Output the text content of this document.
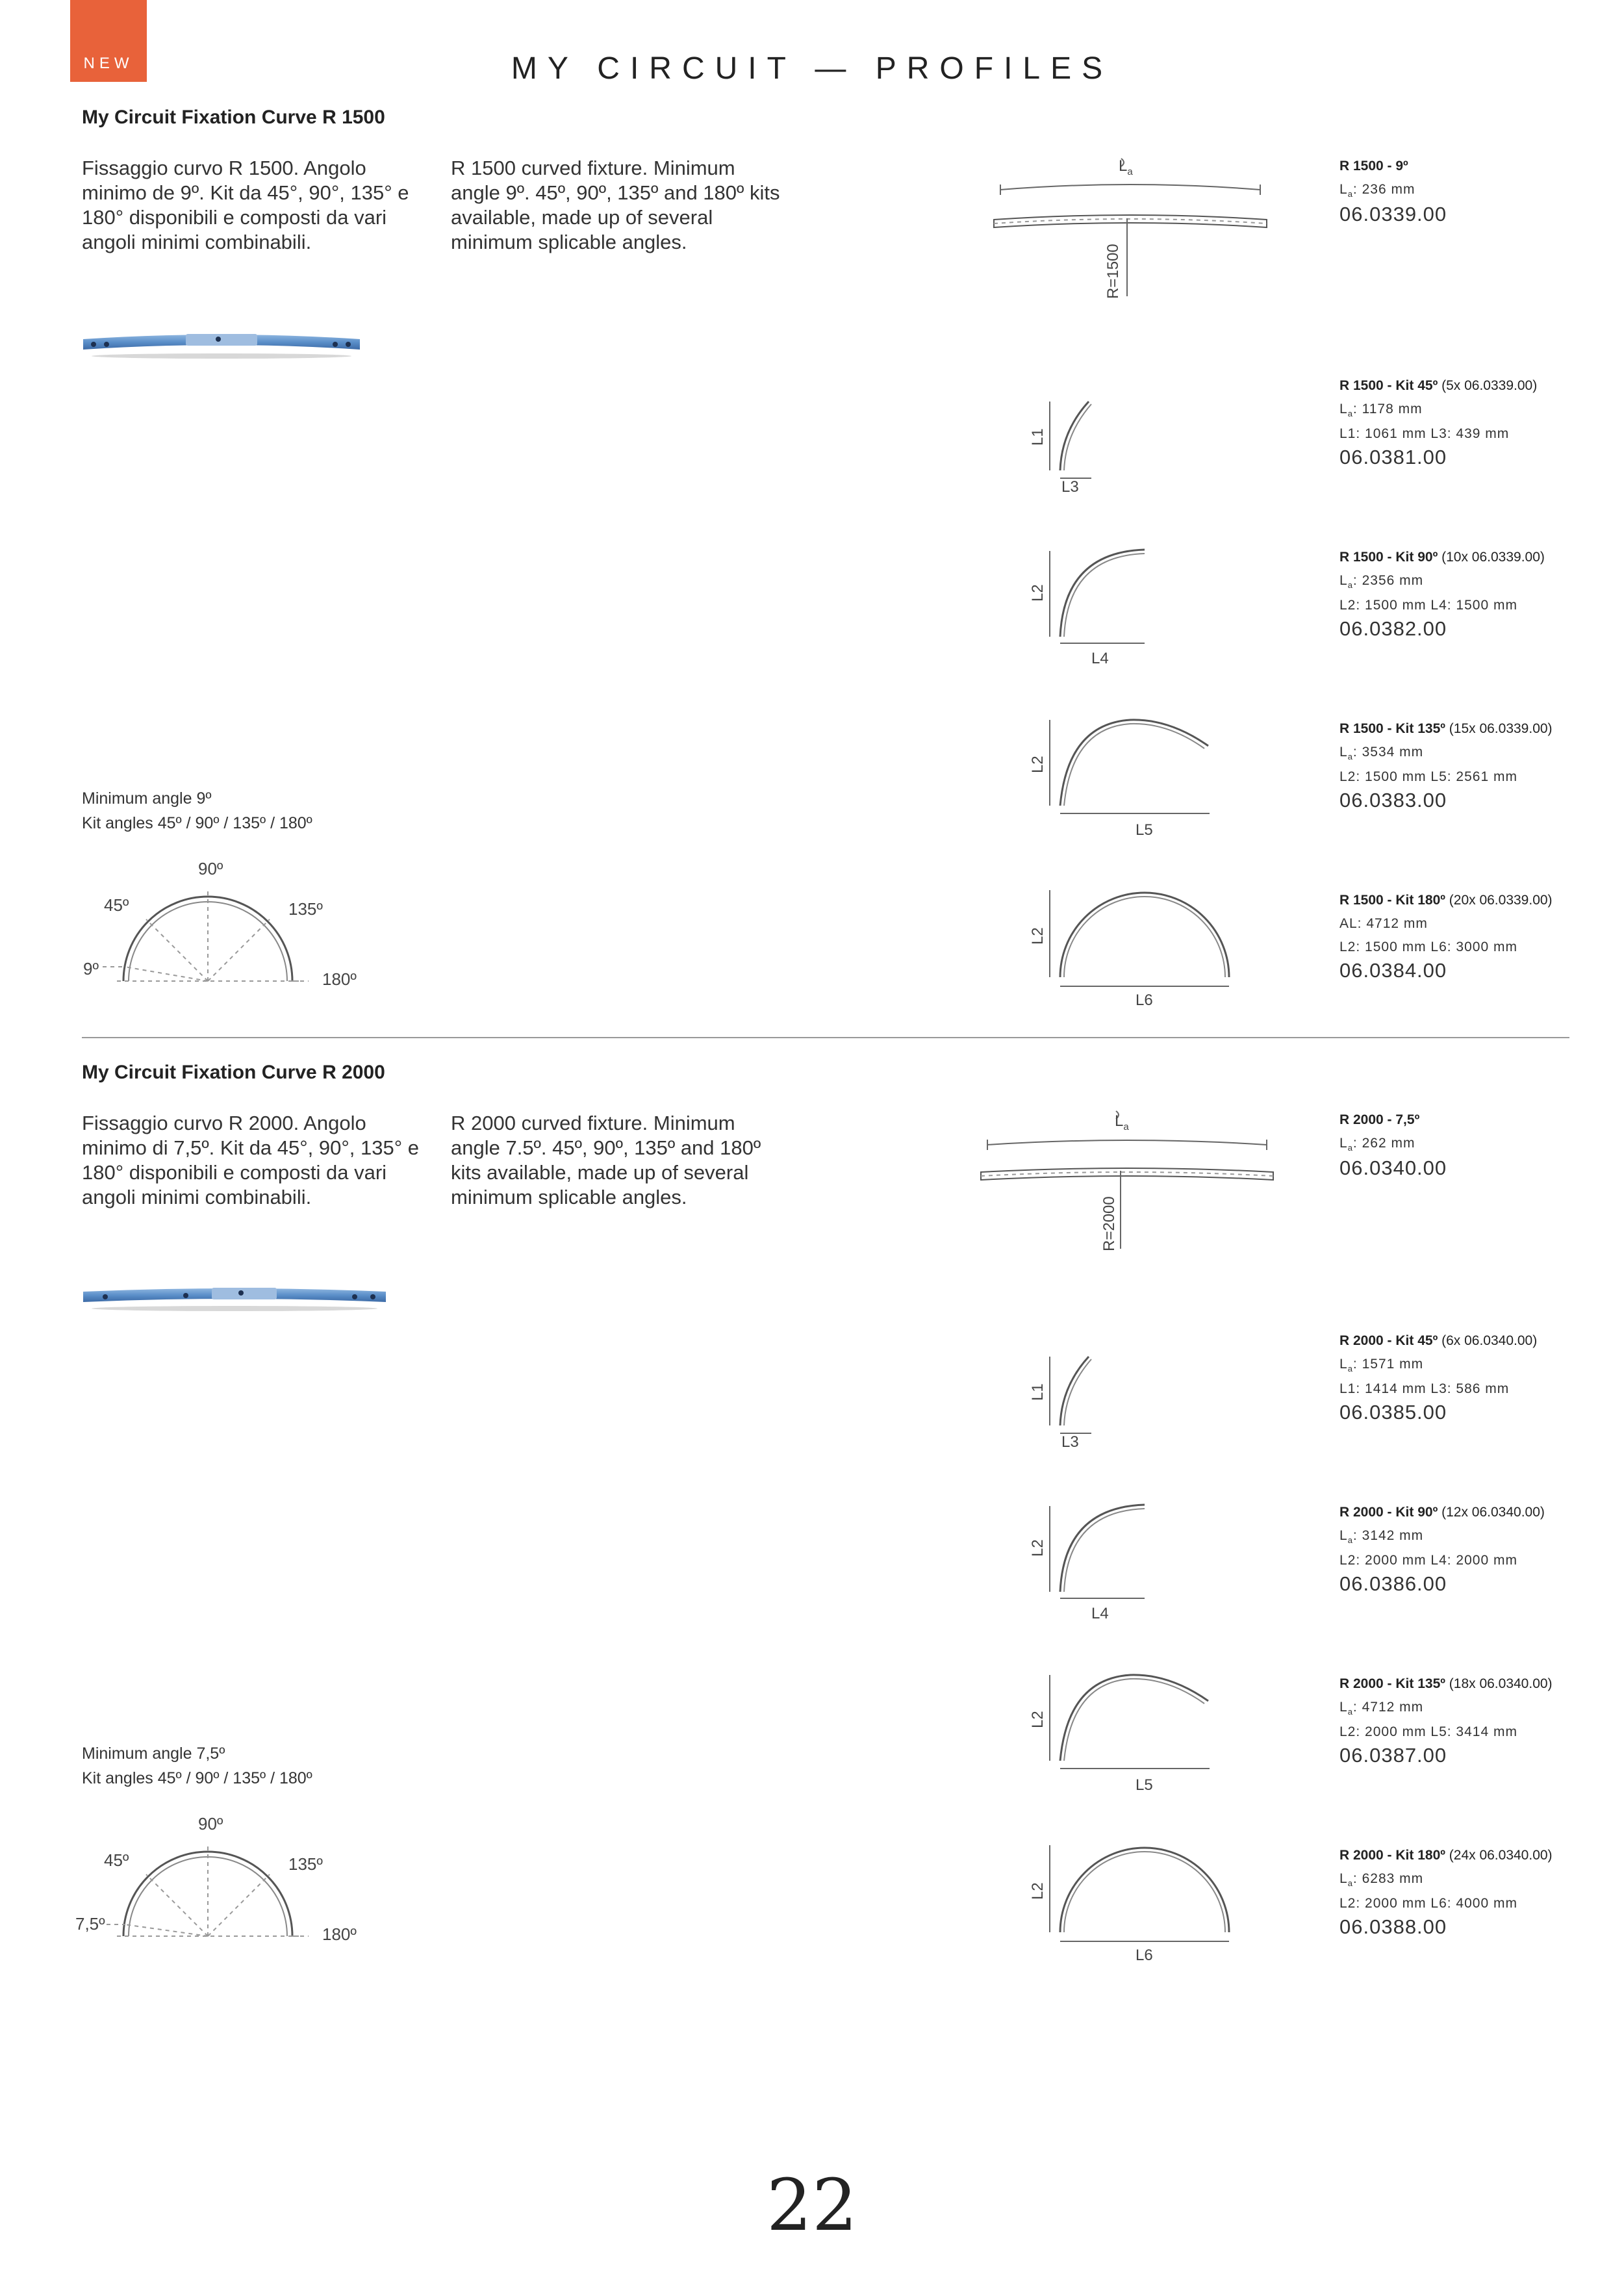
NEW	MY CIRCUIT — PROFILES
My Circuit Fixation Curve R 1500
Fissaggio curvo R 1500. Angolo minimo de 9º. Kit da 45°, 90°, 135° e 180° disponibili e composti da vari angoli minimi combinabili.
R 1500 curved fixture. Minimum angle 9º. 45º, 90º, 135º and 180º kits available, made up of several minimum splicable angles.
Minimum angle 9º
Kit angles 45º / 90º / 135º / 180º
90º
45º	135º
9º
180º
$L_a$
R=1500
L1
L3
L2
L4
L2
L5
L2
L6
R 1500 - 9º
$L_a$: 236 mm
06.0339.00
R 1500 - Kit 45º (5x 06.0339.00)
$L_a$: 1178 mm
L1: 1061 mm L3: 439 mm
06.0381.00
R 1500 - Kit 90º (10x 06.0339.00)
$L_a$: 2356 mm
L2: 1500 mm L4: 1500 mm
06.0382.00
R 1500 - Kit 135º (15x 06.0339.00)
$L_a$: 3534 mm
L2: 1500 mm L5: 2561 mm
06.0383.00
R 1500 - Kit 180º (20x 06.0339.00)
AL: 4712 mm
L2: 1500 mm L6: 3000 mm
06.0384.00
My Circuit Fixation Curve R 2000
Fissaggio curvo R 2000. Angolo minimo di 7,5º. Kit da 45°, 90°, 135° e 180° disponibili e composti da vari angoli minimi combinabili.
R 2000 curved fixture. Minimum angle 7.5º. 45º, 90º, 135º and 180º kits available, made up of several minimum splicable angles.
Minimum angle 7,5º
Kit angles 45º / 90º / 135º / 180º
90º
45º	135º
7,5º
180º
$L_a$
R=2000
L1
L3
L2
L4
L2
L5
L2
L6
R 2000 - 7,5º
$L_a$: 262 mm
06.0340.00
R 2000 - Kit 45º (6x 06.0340.00)
$L_a$: 1571 mm
L1: 1414 mm L3: 586 mm
06.0385.00
R 2000 - Kit 90º (12x 06.0340.00)
$L_a$: 3142 mm
L2: 2000 mm L4: 2000 mm
06.0386.00
R 2000 - Kit 135º (18x 06.0340.00)
$L_a$: 4712 mm
L2: 2000 mm L5: 3414 mm
06.0387.00
R 2000 - Kit 180º (24x 06.0340.00)
$L_a$: 6283 mm
L2: 2000 mm L6: 4000 mm
06.0388.00
22
